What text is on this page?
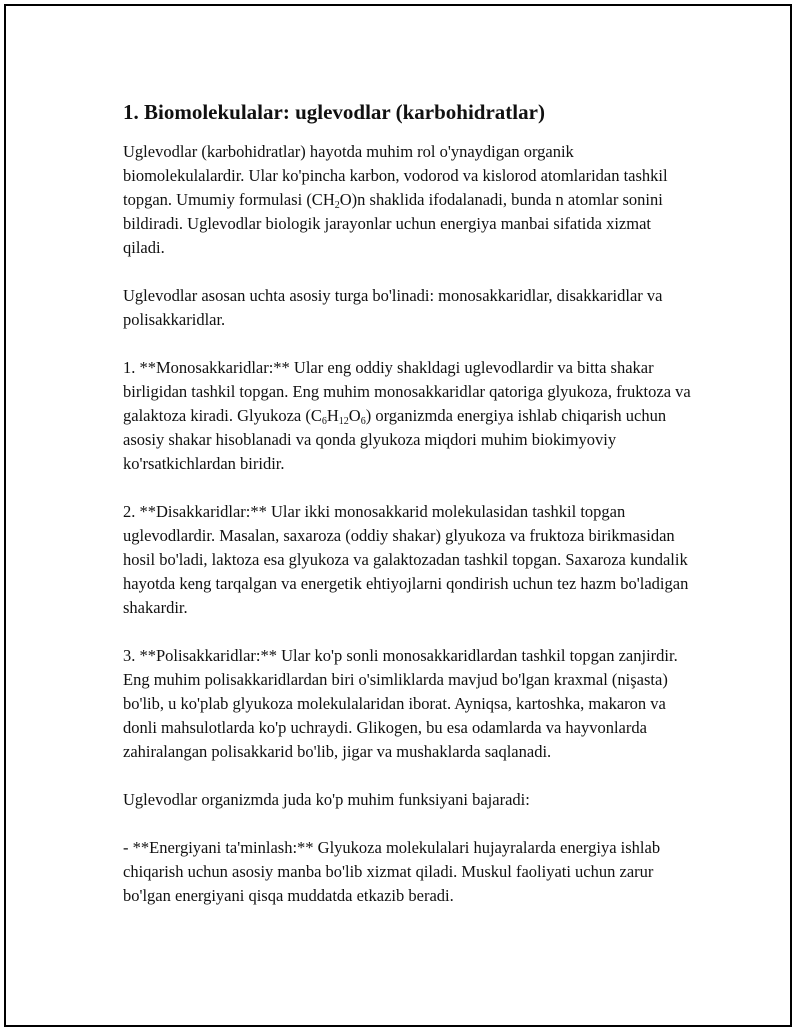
1. Biomolekulalar: uglevodlar (karbohidratlar)

Uglevodlar (karbohidratlar) hayotda muhim rol o'ynaydigan organik biomolekulalardir. Ular ko'pincha karbon, vodorod va kislorod atomlaridan tashkil topgan. Umumiy formulasi $(CH_2O)n$ shaklida ifodalanadi, bunda n atomlar sonini bildiradi. Uglevodlar biologik jarayonlar uchun energiya manbai sifatida xizmat qiladi.

Uglevodlar asosan uchta asosiy turga bo'linadi: monosakkaridlar, disakkaridlar va polisakkaridlar.

1. **Monosakkaridlar:** Ular eng oddiy shakldagi uglevodlardir va bitta shakar birligidan tashkil topgan. Eng muhim monosakkaridlar qatoriga glyukoza, fruktoza va galaktoza kiradi. Glyukoza $(C_6H_{12}O_6)$ organizmda energiya ishlab chiqarish uchun asosiy shakar hisoblanadi va qonda glyukoza miqdori muhim biokimyoviy ko'rsatkichlardan biridir.

2. **Disakkaridlar:** Ular ikki monosakkarid molekulasidan tashkil topgan uglevodlardir. Masalan, saxaroza (oddiy shakar) glyukoza va fruktoza birikmasidan hosil bo'ladi, laktoza esa glyukoza va galaktozadan tashkil topgan. Saxaroza kundalik hayotda keng tarqalgan va energetik ehtiyojlarni qondirish uchun tez hazm bo'ladigan shakardir.

3. **Polisakkaridlar:** Ular ko'p sonli monosakkaridlardan tashkil topgan zanjirdir. Eng muhim polisakkaridlardan biri o'simliklarda mavjud bo'lgan kraxmal (nişasta) bo'lib, u ko'plab glyukoza molekulalaridan iborat. Ayniqsa, kartoshka, makaron va donli mahsulotlarda ko'p uchraydi. Glikogen, bu esa odamlarda va hayvonlarda zahiralangan polisakkarid bo'lib, jigar va mushaklarda saqlanadi.

Uglevodlar organizmda juda ko'p muhim funksiyani bajaradi:

- **Energiyani ta'minlash:** Glyukoza molekulalari hujayralarda energiya ishlab chiqarish uchun asosiy manba bo'lib xizmat qiladi. Muskul faoliyati uchun zarur bo'lgan energiyani qisqa muddatda etkazib beradi.
